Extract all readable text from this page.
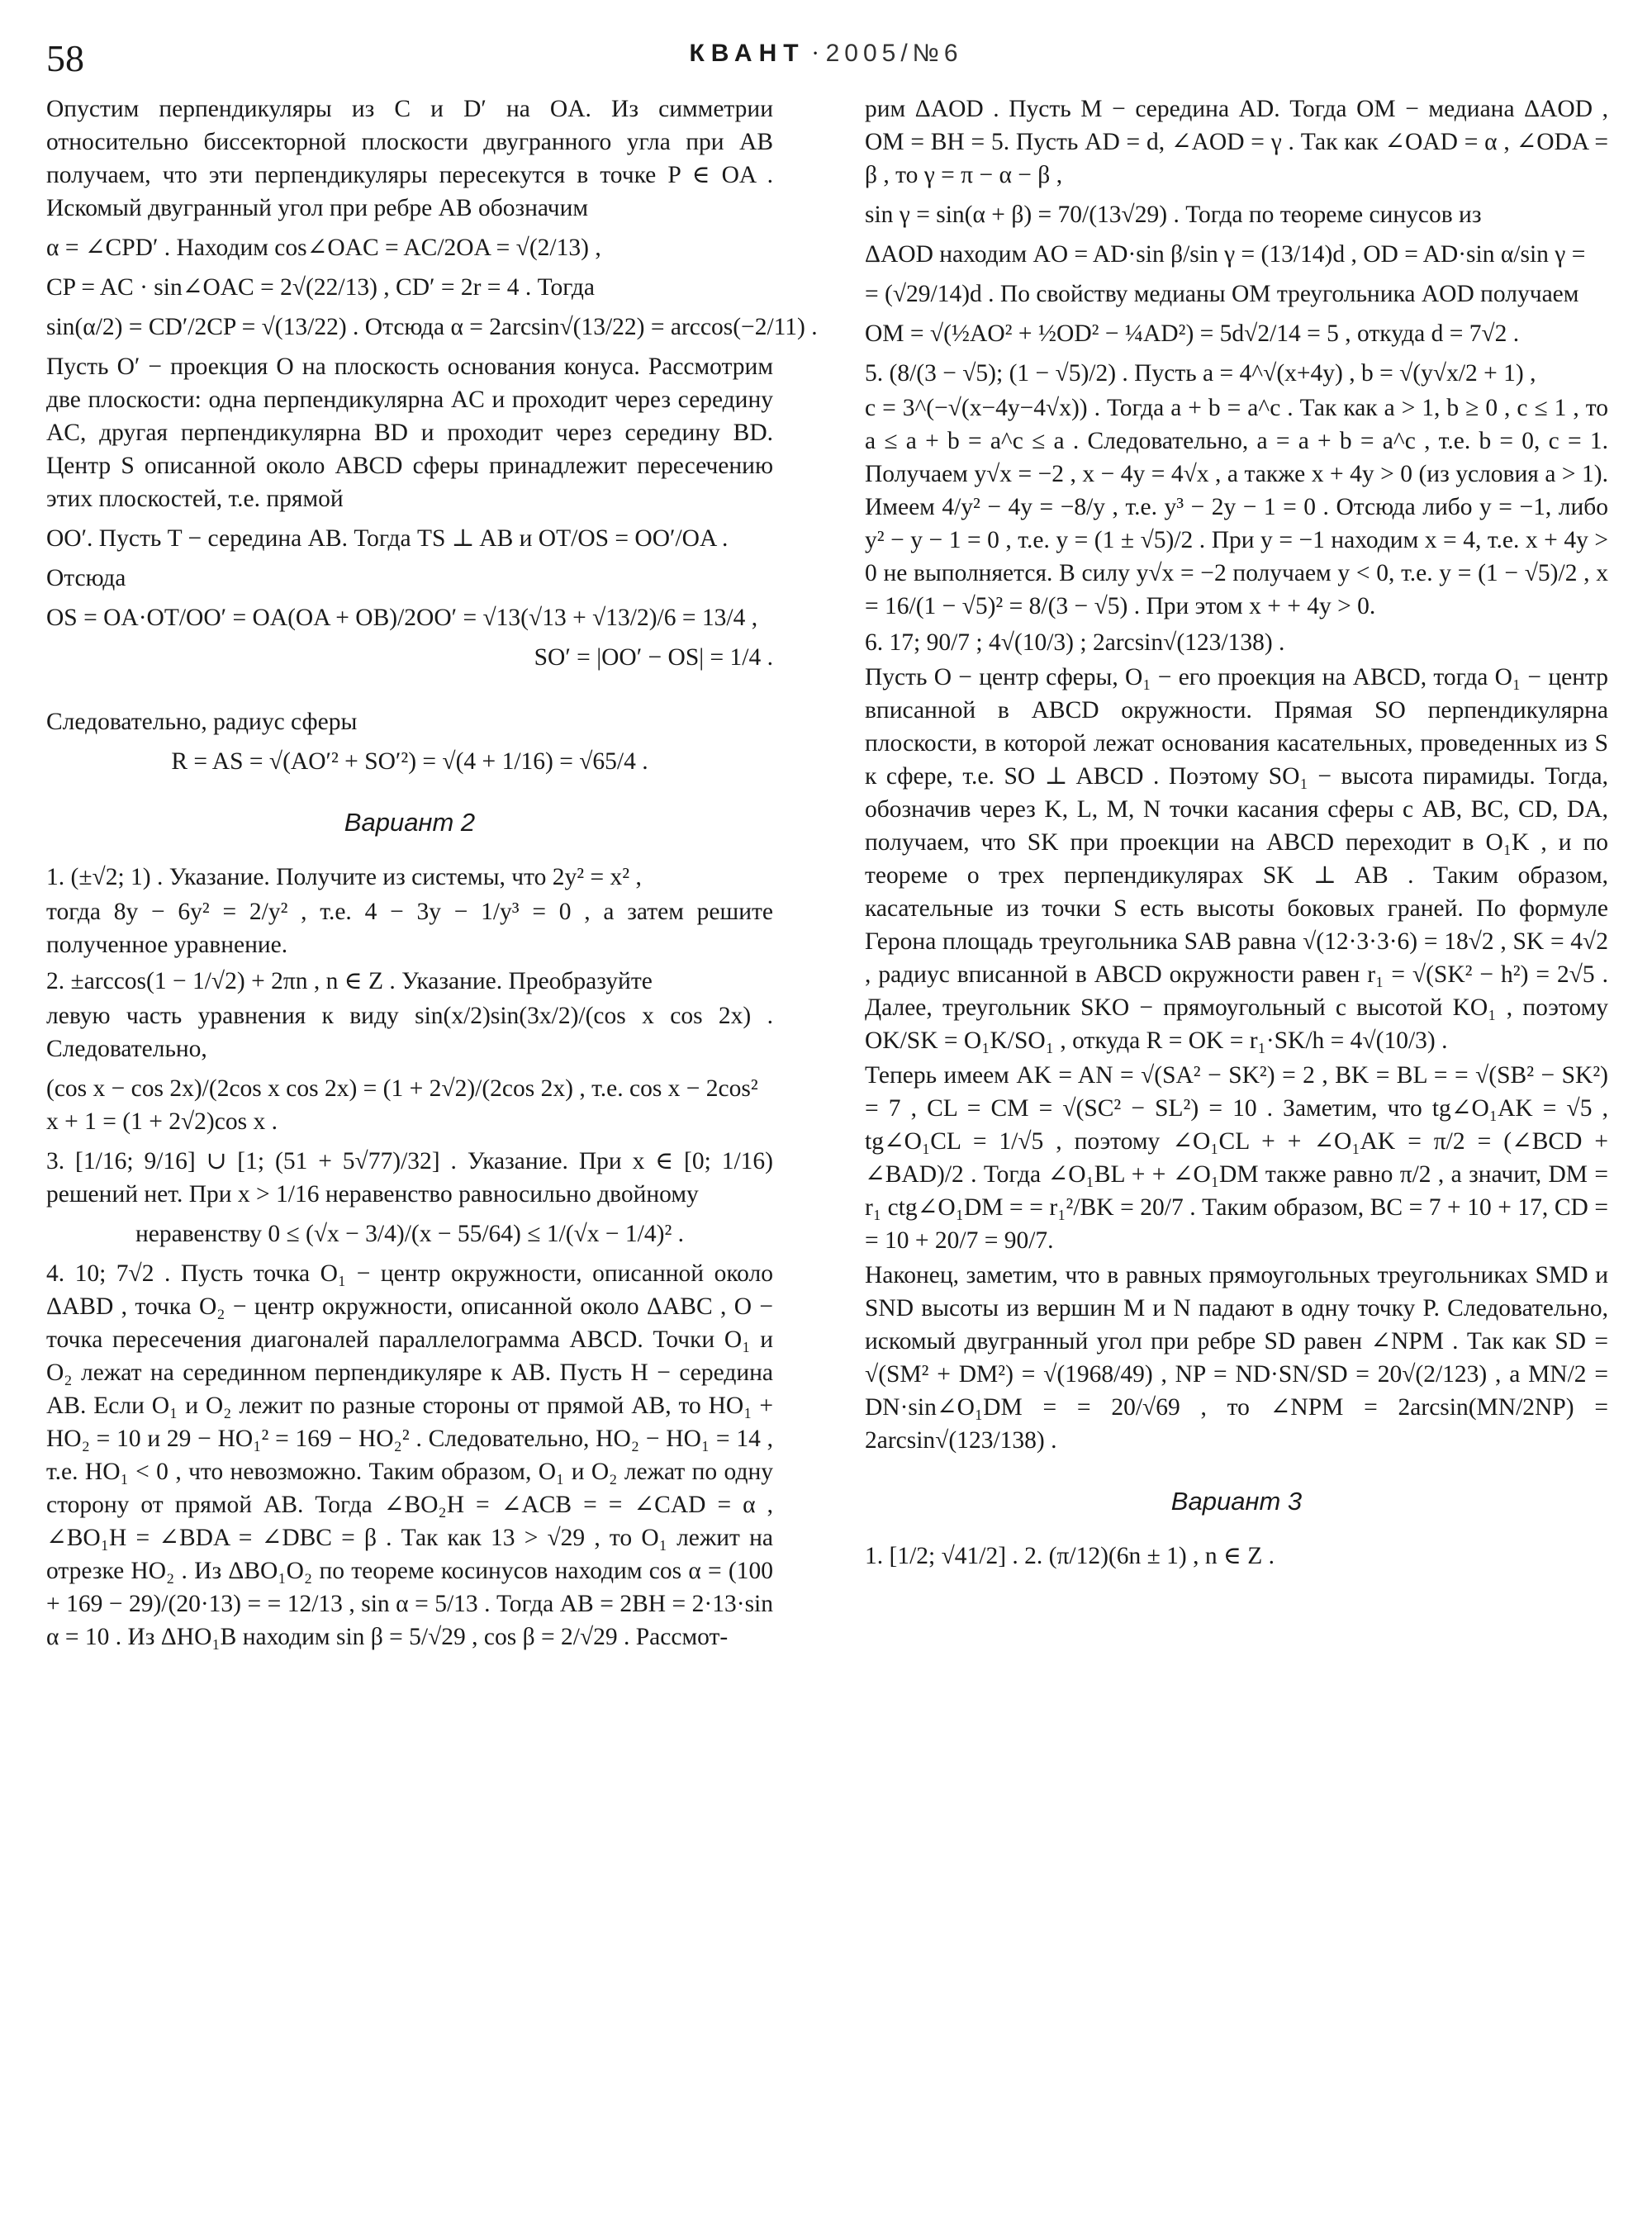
58	КВАНТ · 2005/№6

Опустим перпендикуляры из C и D′ на OA. Из симметрии относительно биссекторной плоскости двугранного угла при AB получаем, что эти перпендикуляры пересекутся в точке P ∈ OA . Искомый двугранный угол при ребре AB обозначим

α = ∠CPD′ . Находим cos∠OAC = AC/2OA = √(2/13) ,
CP = AC · sin∠OAC = 2√(22/13) , CD′ = 2r = 4 . Тогда
sin(α/2) = CD′/2CP = √(13/22) . Отсюда α = 2arcsin√(13/22) = arccos(−2/11) .

Пусть O′ − проекция O на плоскость основания конуса. Рассмотрим две плоскости: одна перпендикулярна AC и проходит через середину AC, другая перпендикулярна BD и проходит через середину BD. Центр S описанной около ABCD сферы принадлежит пересечению этих плоскостей, т.е. прямой

OO′. Пусть T − середина AB. Тогда TS ⊥ AB и OT/OS = OO′/OA .

Отсюда

OS = OA·OT/OO′ = OA(OA + OB)/2OO′ = √13(√13 + √13/2)/6 = 13/4 ,
SO′ = |OO′ − OS| = 1/4 .

Следовательно, радиус сферы

R = AS = √(AO′² + SO′²) = √(4 + 1/16) = √65/4 .
Вариант 2

1. (±√2; 1) . Указание. Получите из системы, что 2y² = x² ,

тогда 8y − 6y² = 2/y² , т.е. 4 − 3y − 1/y³ = 0 , а затем решите полученное уравнение.

2. ±arccos(1 − 1/√2) + 2πn , n ∈ Z . Указание. Преобразуйте

левую часть уравнения к виду sin(x/2)sin(3x/2)/(cos x cos 2x) . Следовательно,

(cos x − cos 2x)/(2cos x cos 2x) = (1 + 2√2)/(2cos 2x) , т.е. cos x − 2cos² x + 1 = (1 + 2√2)cos x .

3. [1/16; 9/16] ∪ [1; (51 + 5√77)/32] . Указание. При x ∈ [0; 1/16) решений нет. При x > 1/16 неравенство равносильно двойному

неравенству 0 ≤ (√x − 3/4)/(x − 55/64) ≤ 1/(√x − 1/4)² .

4. 10; 7√2 . Пусть точка O₁ − центр окружности, описанной около ΔABD , точка O₂ − центр окружности, описанной около ΔABC , O − точка пересечения диагоналей параллелограмма ABCD. Точки O₁ и O₂ лежат на серединном перпендикуляре к AB. Пусть H − середина AB. Если O₁ и O₂ лежит по разные стороны от прямой AB, то HO₁ + HO₂ = 10 и 29 − HO₁² = 169 − HO₂² . Следовательно, HO₂ − HO₁ = 14 , т.е. HO₁ < 0 , что невозможно. Таким образом, O₁ и O₂ лежат по одну сторону от прямой AB. Тогда ∠BO₂H = ∠ACB = = ∠CAD = α , ∠BO₁H = ∠BDA = ∠DBC = β . Так как 13 > √29 , то O₁ лежит на отрезке HO₂ . Из ΔBO₁O₂ по теореме косинусов находим cos α = (100 + 169 − 29)/(20·13) = = 12/13 , sin α = 5/13 . Тогда AB = 2BH = 2·13·sin α = 10 . Из ΔHO₁B находим sin β = 5/√29 , cos β = 2/√29 . Рассмот-

рим ΔAOD . Пусть M − середина AD. Тогда OM − медиана ΔAOD , OM = BH = 5. Пусть AD = d, ∠AOD = γ . Так как ∠OAD = α , ∠ODA = β , то γ = π − α − β ,

sin γ = sin(α + β) = 70/(13√29) . Тогда по теореме синусов из
ΔAOD находим AO = AD·sin β/sin γ = (13/14)d , OD = AD·sin α/sin γ =

= (√29/14)d . По свойству медианы OM треугольника AOD получаем

OM = √(½AO² + ½OD² − ¼AD²) = 5d√2/14 = 5 , откуда d = 7√2 .

5. (8/(3 − √5); (1 − √5)/2) . Пусть a = 4^√(x+4y) , b = √(y√x/2 + 1) ,

c = 3^(−√(x−4y−4√x)) . Тогда a + b = a^c . Так как a > 1, b ≥ 0 , c ≤ 1 , то a ≤ a + b = a^c ≤ a . Следовательно, a = a + b = a^c , т.е. b = 0, c = 1. Получаем y√x = −2 , x − 4y = 4√x , а также x + 4y > 0 (из условия a > 1). Имеем 4/y² − 4y = −8/y , т.е. y³ − 2y − 1 = 0 . Отсюда либо y = −1, либо y² − y − 1 = 0 , т.е. y = (1 ± √5)/2 . При y = −1 находим x = 4, т.е. x + 4y > 0 не выполняется. В силу y√x = −2 получаем y < 0, т.е. y = (1 − √5)/2 , x = 16/(1 − √5)² = 8/(3 − √5) . При этом x + + 4y > 0.

6. 17; 90/7 ; 4√(10/3) ; 2arcsin√(123/138) .

Пусть O − центр сферы, O₁ − его проекция на ABCD, тогда O₁ − центр вписанной в ABCD окружности. Прямая SO перпендикулярна плоскости, в которой лежат основания касательных, проведенных из S к сфере, т.е. SO ⊥ ABCD . Поэтому SO₁ − высота пирамиды. Тогда, обозначив через K, L, M, N точки касания сферы с AB, BC, CD, DA, получаем, что SK при проекции на ABCD переходит в O₁K , и по теореме о трех перпендикулярах SK ⊥ AB . Таким образом, касательные из точки S есть высоты боковых граней. По формуле Герона площадь треугольника SAB равна √(12·3·3·6) = 18√2 , SK = 4√2 , радиус вписанной в ABCD окружности равен r₁ = √(SK² − h²) = 2√5 . Далее, треугольник SKO − прямоугольный с высотой KO₁ , поэтому OK/SK = O₁K/SO₁ , откуда R = OK = r₁·SK/h = 4√(10/3) .

Теперь имеем AK = AN = √(SA² − SK²) = 2 , BK = BL = = √(SB² − SK²) = 7 , CL = CM = √(SC² − SL²) = 10 . Заметим, что tg∠O₁AK = √5 , tg∠O₁CL = 1/√5 , поэтому ∠O₁CL + + ∠O₁AK = π/2 = (∠BCD + ∠BAD)/2 . Тогда ∠O₁BL + + ∠O₁DM также равно π/2 , а значит, DM = r₁ ctg∠O₁DM = = r₁²/BK = 20/7 . Таким образом, BC = 7 + 10 + 17, CD = = 10 + 20/7 = 90/7.

Наконец, заметим, что в равных прямоугольных треугольниках SMD и SND высоты из вершин M и N падают в одну точку P. Следовательно, искомый двугранный угол при ребре SD равен ∠NPM . Так как SD = √(SM² + DM²) = √(1968/49) , NP = ND·SN/SD = 20√(2/123) , а MN/2 = DN·sin∠O₁DM = = 20/√69 , то ∠NPM = 2arcsin(MN/2NP) = 2arcsin√(123/138) .

Вариант 3

1. [1/2; √41/2] . 2. (π/12)(6n ± 1) , n ∈ Z .
